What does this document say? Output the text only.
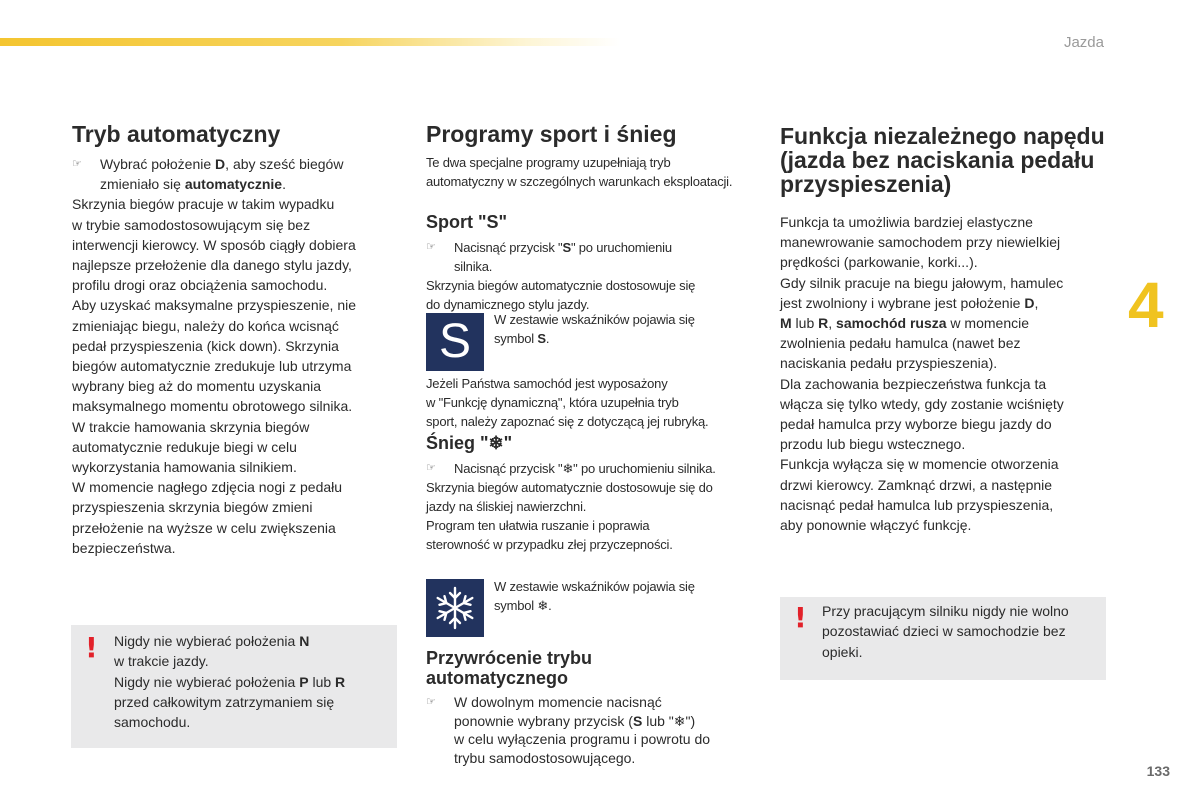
Jazda
4
Tryb automatyczny
☞ Wybrać położenie D, aby sześć biegów zmieniało się automatycznie.
Skrzynia biegów pracuje w takim wypadku
w trybie samodostosowującym się bez
interwencji kierowcy. W sposób ciągły dobiera
najlepsze przełożenie dla danego stylu jazdy,
profilu drogi oraz obciążenia samochodu.
Aby uzyskać maksymalne przyspieszenie, nie
zmieniając biegu, należy do końca wcisnąć
pedał przyspieszenia (kick down). Skrzynia
biegów automatycznie zredukuje lub utrzyma
wybrany bieg aż do momentu uzyskania
maksymalnego momentu obrotowego silnika.
W trakcie hamowania skrzynia biegów
automatycznie redukuje biegi w celu
wykorzystania hamowania silnikiem.
W momencie nagłego zdjęcia nogi z pedału
przyspieszenia skrzynia biegów zmieni
przełożenie na wyższe w celu zwiększenia
bezpieczeństwa.
! Nigdy nie wybierać położenia N
w trakcie jazdy.
Nigdy nie wybierać położenia P lub R
przed całkowitym zatrzymaniem się
samochodu.
Programy sport i śnieg
Te dwa specjalne programy uzupełniają tryb
automatyczny w szczególnych warunkach eksploatacji.
Sport "S"
☞ Nacisnąć przycisk "S" po uruchomieniu
silnika.
Skrzynia biegów automatycznie dostosowuje się
do dynamicznego stylu jazdy.
S	W zestawie wskaźników pojawia się
symbol S.
Jeżeli Państwa samochód jest wyposażony
w "Funkcję dynamiczną", która uzupełnia tryb
sport, należy zapoznać się z dotyczącą jej rubryką.
Śnieg "❄"
☞ Nacisnąć przycisk "❄" po uruchomieniu silnika.
Skrzynia biegów automatycznie dostosowuje się do
jazdy na śliskiej nawierzchni.
Program ten ułatwia ruszanie i poprawia
sterowność w przypadku złej przyczepności.
W zestawie wskaźników pojawia się
symbol ❄.
Przywrócenie trybu
automatycznego
☞ W dowolnym momencie nacisnąć
ponownie wybrany przycisk (S lub "❄")
w celu wyłączenia programu i powrotu do
trybu samodostosowującego.
Funkcja niezależnego napędu
(jazda bez naciskania pedału
przyspieszenia)
Funkcja ta umożliwia bardziej elastyczne
manewrowanie samochodem przy niewielkiej
prędkości (parkowanie, korki...).
Gdy silnik pracuje na biegu jałowym, hamulec
jest zwolniony i wybrane jest położenie D,
M lub R, samochód rusza w momencie
zwolnienia pedału hamulca (nawet bez
naciskania pedału przyspieszenia).
Dla zachowania bezpieczeństwa funkcja ta
włącza się tylko wtedy, gdy zostanie wciśnięty
pedał hamulca przy wyborze biegu jazdy do
przodu lub biegu wstecznego.
Funkcja wyłącza się w momencie otworzenia
drzwi kierowcy. Zamknąć drzwi, a następnie
nacisnąć pedał hamulca lub przyspieszenia,
aby ponownie włączyć funkcję.
! Przy pracującym silniku nigdy nie wolno
pozostawiać dzieci w samochodzie bez
opieki.
133
